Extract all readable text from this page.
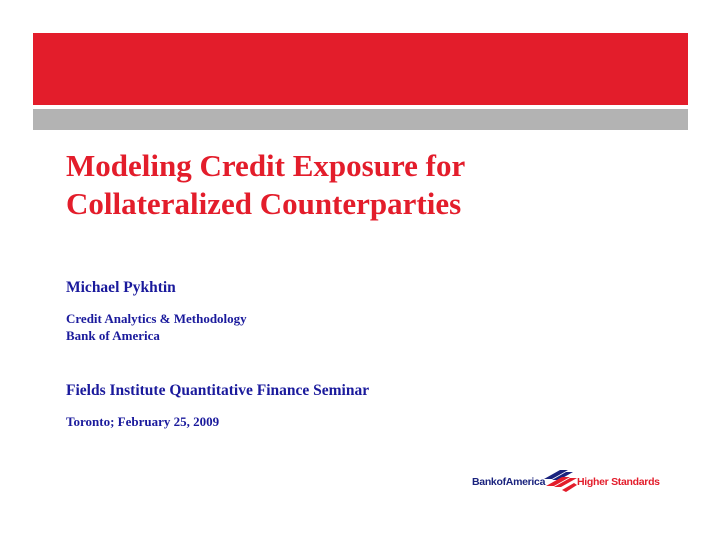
Modeling Credit Exposure for
Collateralized Counterparties

Michael Pykhtin

Credit Analytics & Methodology
Bank of America

Fields Institute Quantitative Finance Seminar

Toronto; February 25, 2009

BankofAmerica	Higher Standards
